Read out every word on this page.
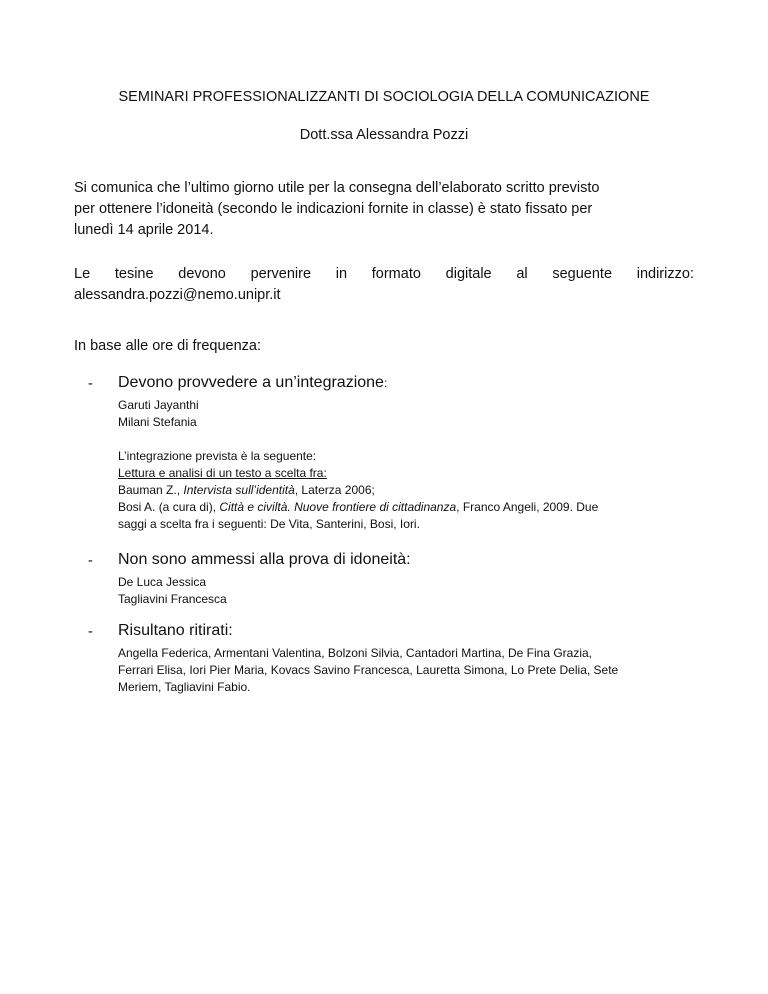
SEMINARI PROFESSIONALIZZANTI DI SOCIOLOGIA DELLA COMUNICAZIONE
Dott.ssa Alessandra Pozzi
Si comunica che l’ultimo giorno utile per la consegna dell’elaborato scritto previsto
per ottenere l’idoneità (secondo le indicazioni fornite in classe) è stato fissato per
lunedì 14 aprile 2014.
Le tesine devono pervenire in formato digitale al seguente indirizzo:
alessandra.pozzi@nemo.unipr.it
In base alle ore di frequenza:
- Devono provvedere a un’integrazione:
Garuti Jayanthi
Milani Stefania
L’integrazione prevista è la seguente:
Lettura e analisi di un testo a scelta fra:
Bauman Z., Intervista sull’identità, Laterza 2006;
Bosi A. (a cura di), Città e civiltà. Nuove frontiere di cittadinanza, Franco Angeli, 2009. Due
saggi a scelta fra i seguenti: De Vita, Santerini, Bosi, Iori.
- Non sono ammessi alla prova di idoneità:
De Luca Jessica
Tagliavini Francesca
- Risultano ritirati:
Angella Federica, Armentani Valentina, Bolzoni Silvia, Cantadori Martina, De Fina Grazia,
Ferrari Elisa, Iori Pier Maria, Kovacs Savino Francesca, Lauretta Simona, Lo Prete Delia, Sete
Meriem, Tagliavini Fabio.
